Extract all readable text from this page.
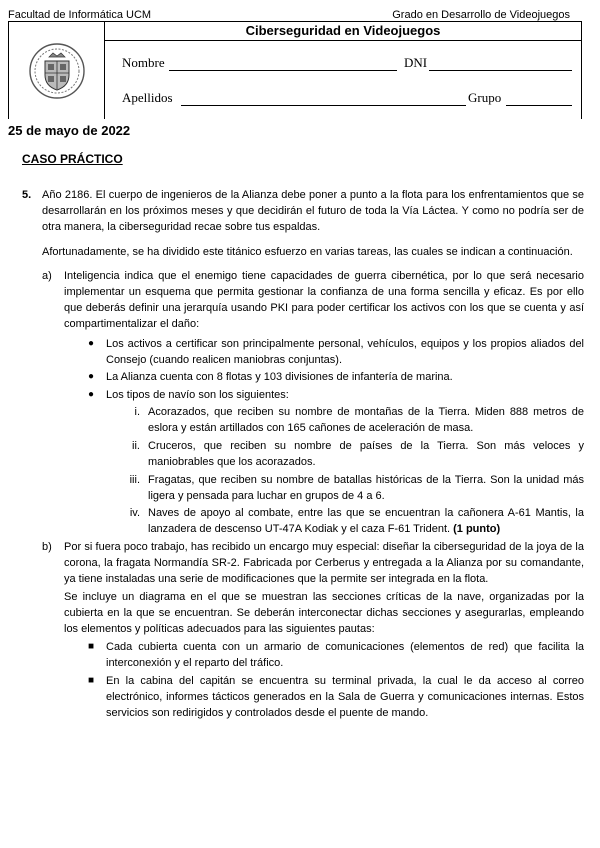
Facultad de Informática UCM	Grado en Desarrollo de Videojuegos
Ciberseguridad en Videojuegos
Nombre	DNI
Apellidos	Grupo
25 de mayo de 2022
CASO PRÁCTICO
5. Año 2186. El cuerpo de ingenieros de la Alianza debe poner a punto a la flota para los enfrentamientos que se desarrollarán en los próximos meses y que decidirán el futuro de toda la Vía Láctea. Y como no podría ser de otra manera, la ciberseguridad recae sobre tus espaldas.
Afortunadamente, se ha dividido este titánico esfuerzo en varias tareas, las cuales se indican a continuación.
a) Inteligencia indica que el enemigo tiene capacidades de guerra cibernética, por lo que será necesario implementar un esquema que permita gestionar la confianza de una forma sencilla y eficaz. Es por ello que deberás definir una jerarquía usando PKI para poder certificar los activos con los que se cuenta y así compartimentalizar el daño:
● Los activos a certificar son principalmente personal, vehículos, equipos y los propios aliados del Consejo (cuando realicen maniobras conjuntas).
● La Alianza cuenta con 8 flotas y 103 divisiones de infantería de marina.
● Los tipos de navío son los siguientes:
i. Acorazados, que reciben su nombre de montañas de la Tierra. Miden 888 metros de eslora y están artillados con 165 cañones de aceleración de masa.
ii. Cruceros, que reciben su nombre de países de la Tierra. Son más veloces y maniobrables que los acorazados.
iii. Fragatas, que reciben su nombre de batallas históricas de la Tierra. Son la unidad más ligera y pensada para luchar en grupos de 4 a 6.
iv. Naves de apoyo al combate, entre las que se encuentran la cañonera A-61 Mantis, la lanzadera de descenso UT-47A Kodiak y el caza F-61 Trident. (1 punto)
b) Por si fuera poco trabajo, has recibido un encargo muy especial: diseñar la ciberseguridad de la joya de la corona, la fragata Normandía SR-2. Fabricada por Cerberus y entregada a la Alianza por su comandante, ya tiene instaladas una serie de modificaciones que la permite ser integrada en la flota.
Se incluye un diagrama en el que se muestran las secciones críticas de la nave, organizadas por la cubierta en la que se encuentran. Se deberán interconectar dichas secciones y asegurarlas, empleando los elementos y políticas adecuados para las siguientes pautas:
■ Cada cubierta cuenta con un armario de comunicaciones (elementos de red) que facilita la interconexión y el reparto del tráfico.
■ En la cabina del capitán se encuentra su terminal privada, la cual le da acceso al correo electrónico, informes tácticos generados en la Sala de Guerra y comunicaciones internas. Estos servicios son redirigidos y controlados desde el puente de mando.
